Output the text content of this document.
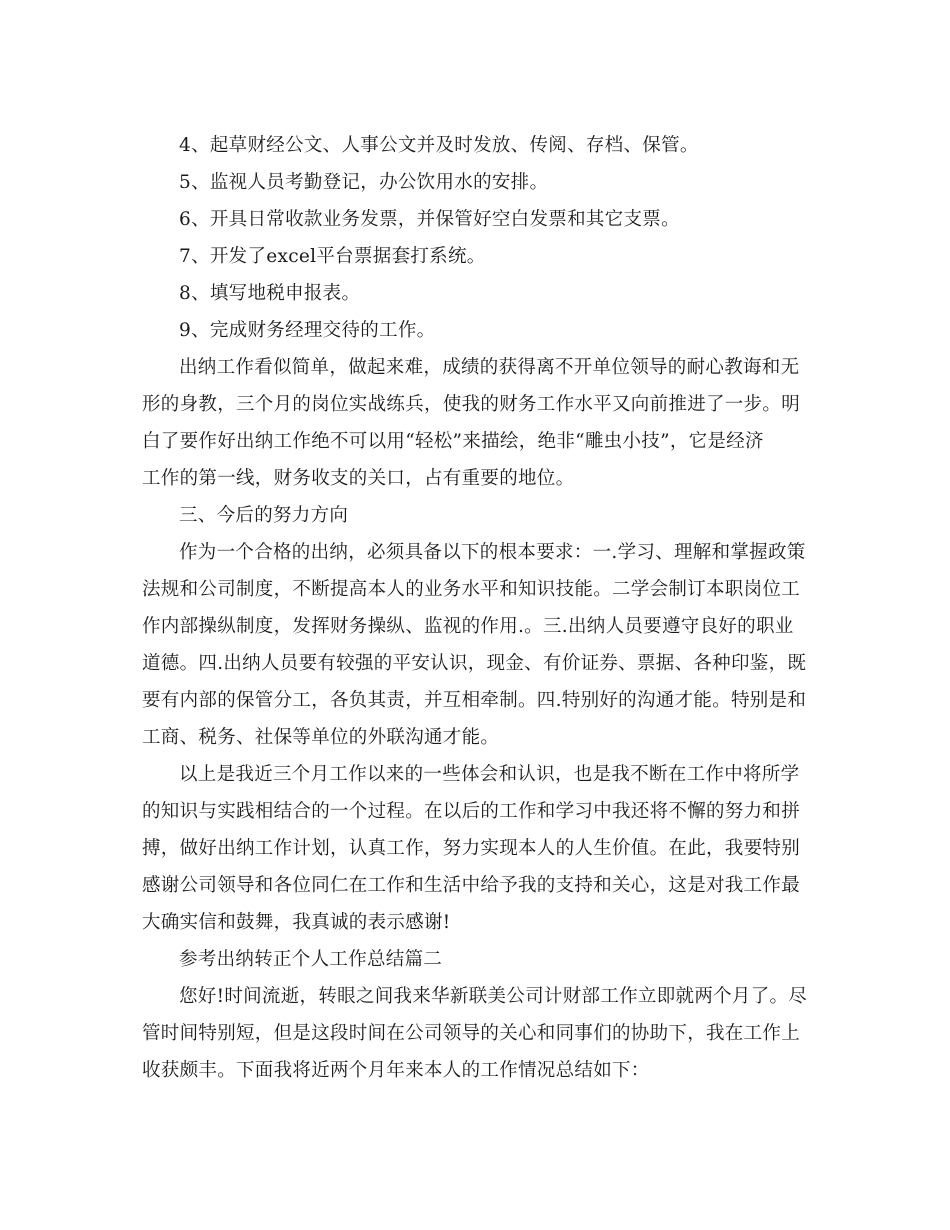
4、起草财经公文、人事公文并及时发放、传阅、存档、保管。
5、监视人员考勤登记，办公饮用水的安排。
6、开具日常收款业务发票，并保管好空白发票和其它支票。
7、开发了excel平台票据套打系统。
8、填写地税申报表。
9、完成财务经理交待的工作。
出纳工作看似简单，做起来难，成绩的获得离不开单位领导的耐心教诲和无
形的身教，三个月的岗位实战练兵，使我的财务工作水平又向前推进了一步。明
白了要作好出纳工作绝不可以用“轻松”来描绘，绝非“雕虫小技”，它是经济
工作的第一线，财务收支的关口，占有重要的地位。
三、今后的努力方向
作为一个合格的出纳，必须具备以下的根本要求：一.学习、理解和掌握政策
法规和公司制度，不断提高本人的业务水平和知识技能。二学会制订本职岗位工
作内部操纵制度，发挥财务操纵、监视的作用.。三.出纳人员要遵守良好的职业
道德。四.出纳人员要有较强的平安认识，现金、有价证券、票据、各种印鉴，既
要有内部的保管分工，各负其责，并互相牵制。四.特别好的沟通才能。特别是和
工商、税务、社保等单位的外联沟通才能。
以上是我近三个月工作以来的一些体会和认识，也是我不断在工作中将所学
的知识与实践相结合的一个过程。在以后的工作和学习中我还将不懈的努力和拼
搏，做好出纳工作计划，认真工作，努力实现本人的人生价值。在此，我要特别
感谢公司领导和各位同仁在工作和生活中给予我的支持和关心，这是对我工作最
大确实信和鼓舞，我真诚的表示感谢!
参考出纳转正个人工作总结篇二
您好!时间流逝，转眼之间我来华新联美公司计财部工作立即就两个月了。尽
管时间特别短，但是这段时间在公司领导的关心和同事们的协助下，我在工作上
收获颇丰。下面我将近两个月年来本人的工作情况总结如下：
